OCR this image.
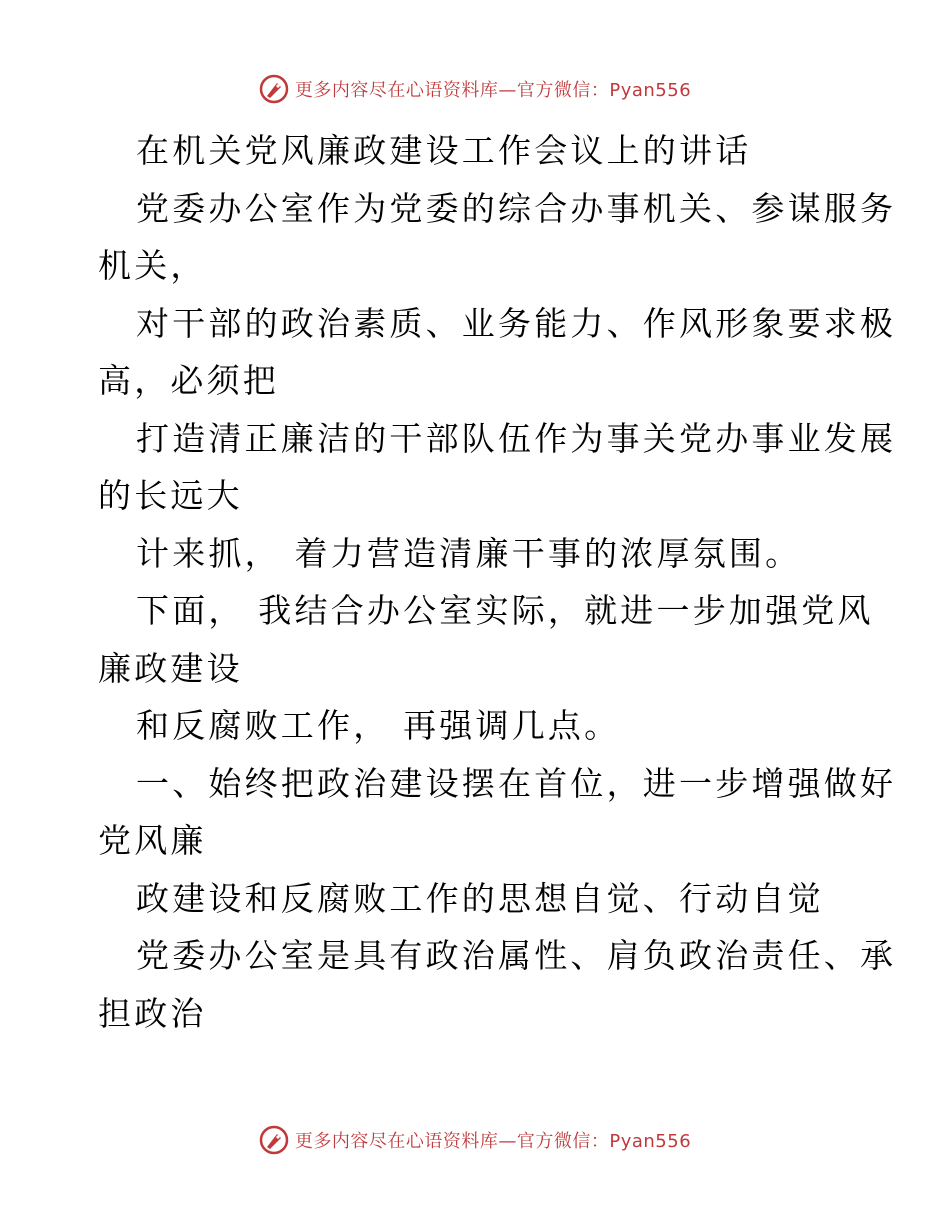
更多内容尽在心语资料库—官方微信：Pyan556
在机关党风廉政建设工作会议上的讲话
党委办公室作为党委的综合办事机关、参谋服务
机关，
对干部的政治素质、业务能力、作风形象要求极
高，必须把
打造清正廉洁的干部队伍作为事关党办事业发展
的长远大
计来抓， 着力营造清廉干事的浓厚氛围。
下面， 我结合办公室实际，就进一步加强党风
廉政建设
和反腐败工作， 再强调几点。
一、始终把政治建设摆在首位，进一步增强做好
党风廉
政建设和反腐败工作的思想自觉、行动自觉
党委办公室是具有政治属性、肩负政治责任、承
担政治
更多内容尽在心语资料库—官方微信：Pyan556
